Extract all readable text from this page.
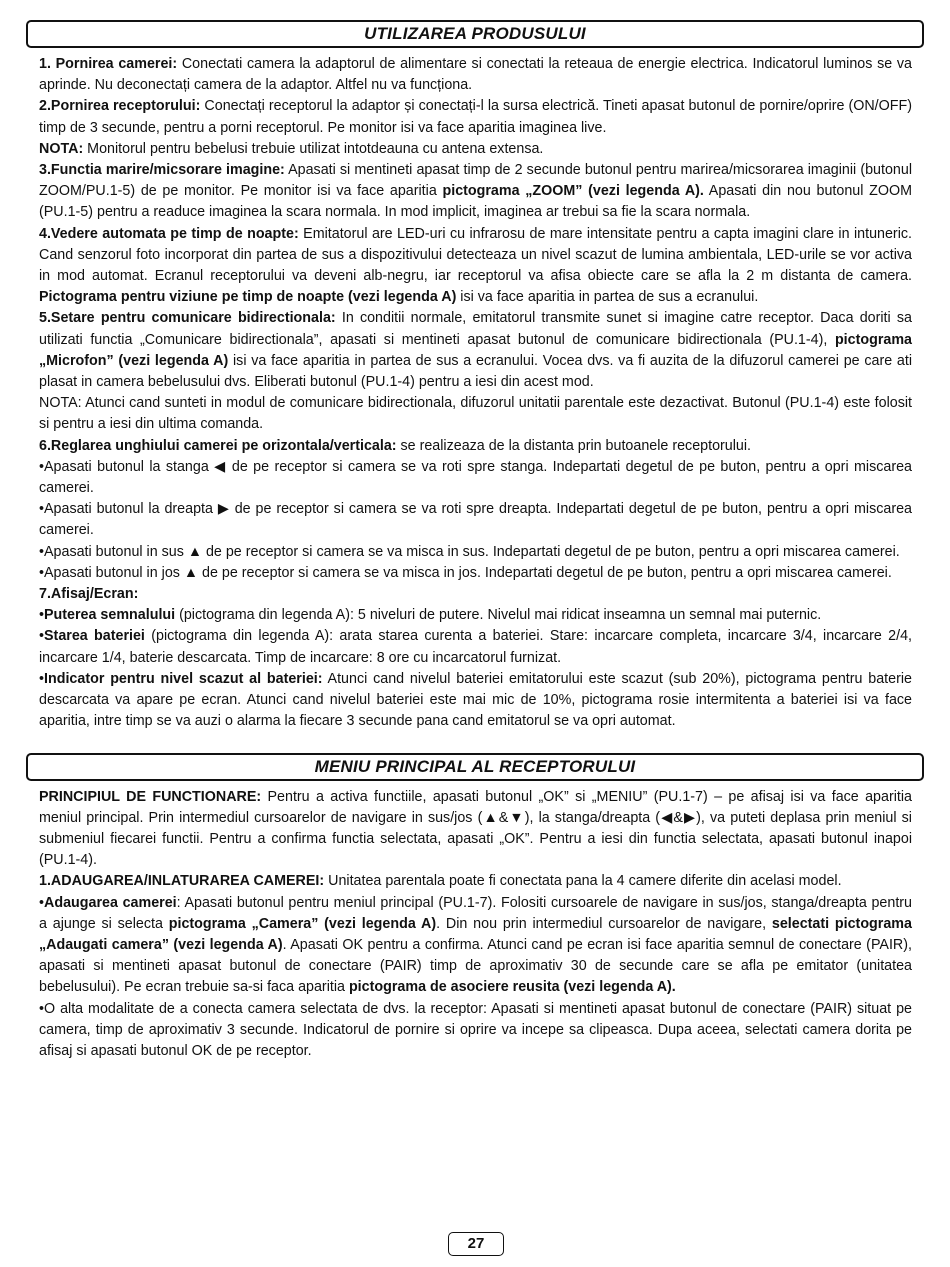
UTILIZAREA PRODUSULUI

1. Pornirea camerei: Conectati camera la adaptorul de alimentare si conectati la reteaua de energie electrica. Indicatorul luminos se va aprinde. Nu deconectați camera de la adaptor. Altfel nu va funcționa.

2.Pornirea receptorului: Conectați receptorul la adaptor și conectați-l la sursa electrică. Tineti apasat butonul de pornire/oprire (ON/OFF) timp de 3 secunde, pentru a porni receptorul. Pe monitor isi va face aparitia imaginea live.

NOTA: Monitorul pentru bebelusi trebuie utilizat intotdeauna cu antena extensa.

3.Functia marire/micsorare imagine: Apasati si mentineti apasat timp de 2 secunde butonul pentru marirea/micsorarea imaginii (butonul ZOOM/PU.1-5) de pe monitor. Pe monitor isi va face aparitia pictograma „ZOOM” (vezi legenda A). Apasati din nou butonul ZOOM (PU.1-5) pentru a readuce imaginea la scara normala. In mod implicit, imaginea ar trebui sa fie la scara normala.

4.Vedere automata pe timp de noapte: Emitatorul are LED-uri cu infrarosu de mare intensitate pentru a capta imagini clare in intuneric. Cand senzorul foto incorporat din partea de sus a dispozitivului detecteaza un nivel scazut de lumina ambientala, LED-urile se vor activa in mod automat. Ecranul receptorului va deveni alb-negru, iar receptorul va afisa obiecte care se afla la 2 m distanta de camera. Pictograma pentru viziune pe timp de noapte (vezi legenda A) isi va face aparitia in partea de sus a ecranului.

5.Setare pentru comunicare bidirectionala: In conditii normale, emitatorul transmite sunet si imagine catre receptor. Daca doriti sa utilizati functia „Comunicare bidirectionala”, apasati si mentineti apasat butonul de comunicare bidirectionala (PU.1-4), pictograma „Microfon” (vezi legenda A) isi va face aparitia in partea de sus a ecranului. Vocea dvs. va fi auzita de la difuzorul camerei pe care ati plasat in camera bebelusului dvs. Eliberati butonul (PU.1-4) pentru a iesi din acest mod.

NOTA: Atunci cand sunteti in modul de comunicare bidirectionala, difuzorul unitatii parentale este dezactivat. Butonul (PU.1-4) este folosit si pentru a iesi din ultima comanda.

6.Reglarea unghiului camerei pe orizontala/verticala: se realizeaza de la distanta prin butoanele receptorului.

•Apasati butonul la stanga ◀ de pe receptor si camera se va roti spre stanga. Indepartati degetul de pe buton, pentru a opri miscarea camerei.

•Apasati butonul la dreapta ▶ de pe receptor si camera se va roti spre dreapta. Indepartati degetul de pe buton, pentru a opri miscarea camerei.

•Apasati butonul in sus ▲ de pe receptor si camera se va misca in sus. Indepartati degetul de pe buton, pentru a opri miscarea camerei.

•Apasati butonul in jos ▲ de pe receptor si camera se va misca in jos. Indepartati degetul de pe buton, pentru a opri miscarea camerei.

7.Afisaj/Ecran:

•Puterea semnalului (pictograma din legenda A): 5 niveluri de putere. Nivelul mai ridicat inseamna un semnal mai puternic.

•Starea bateriei (pictograma din legenda A): arata starea curenta a bateriei. Stare: incarcare completa, incarcare 3/4, incarcare 2/4, incarcare 1/4, baterie descarcata. Timp de incarcare: 8 ore cu incarcatorul furnizat.

•Indicator pentru nivel scazut al bateriei: Atunci cand nivelul bateriei emitatorului este scazut (sub 20%), pictograma pentru baterie descarcata va apare pe ecran. Atunci cand nivelul bateriei este mai mic de 10%, pictograma rosie intermitenta a bateriei isi va face aparitia, intre timp se va auzi o alarma la fiecare 3 secunde pana cand emitatorul se va opri automat.

MENIU PRINCIPAL AL RECEPTORULUI

PRINCIPIUL DE FUNCTIONARE: Pentru a activa functiile, apasati butonul „OK” si „MENIU” (PU.1-7) – pe afisaj isi va face aparitia meniul principal. Prin intermediul cursoarelor de navigare in sus/jos (▲&▼), la stanga/dreapta (◀&▶), va puteti deplasa prin meniul si submeniul fiecarei functii. Pentru a confirma functia selectata, apasati „OK”. Pentru a iesi din functia selectata, apasati butonul inapoi (PU.1-4).

1.ADAUGAREA/INLATURAREA CAMEREI: Unitatea parentala poate fi conectata pana la 4 camere diferite din acelasi model.

•Adaugarea camerei: Apasati butonul pentru meniul principal (PU.1-7). Folositi cursoarele de navigare in sus/jos, stanga/dreapta pentru a ajunge si selecta pictograma „Camera” (vezi legenda A). Din nou prin intermediul cursoarelor de navigare, selectati pictograma „Adaugati camera” (vezi legenda A). Apasati OK pentru a confirma. Atunci cand pe ecran isi face aparitia semnul de conectare (PAIR), apasati si mentineti apasat butonul de conectare (PAIR) timp de aproximativ 30 de secunde care se afla pe emitator (unitatea bebelusului). Pe ecran trebuie sa-si faca aparitia pictograma de asociere reusita (vezi legenda A).

•O alta modalitate de a conecta camera selectata de dvs. la receptor: Apasati si mentineti apasat butonul de conectare (PAIR) situat pe camera, timp de aproximativ 3 secunde. Indicatorul de pornire si oprire va incepe sa clipeasca. Dupa aceea, selectati camera dorita pe afisaj si apasati butonul OK de pe receptor.

27
